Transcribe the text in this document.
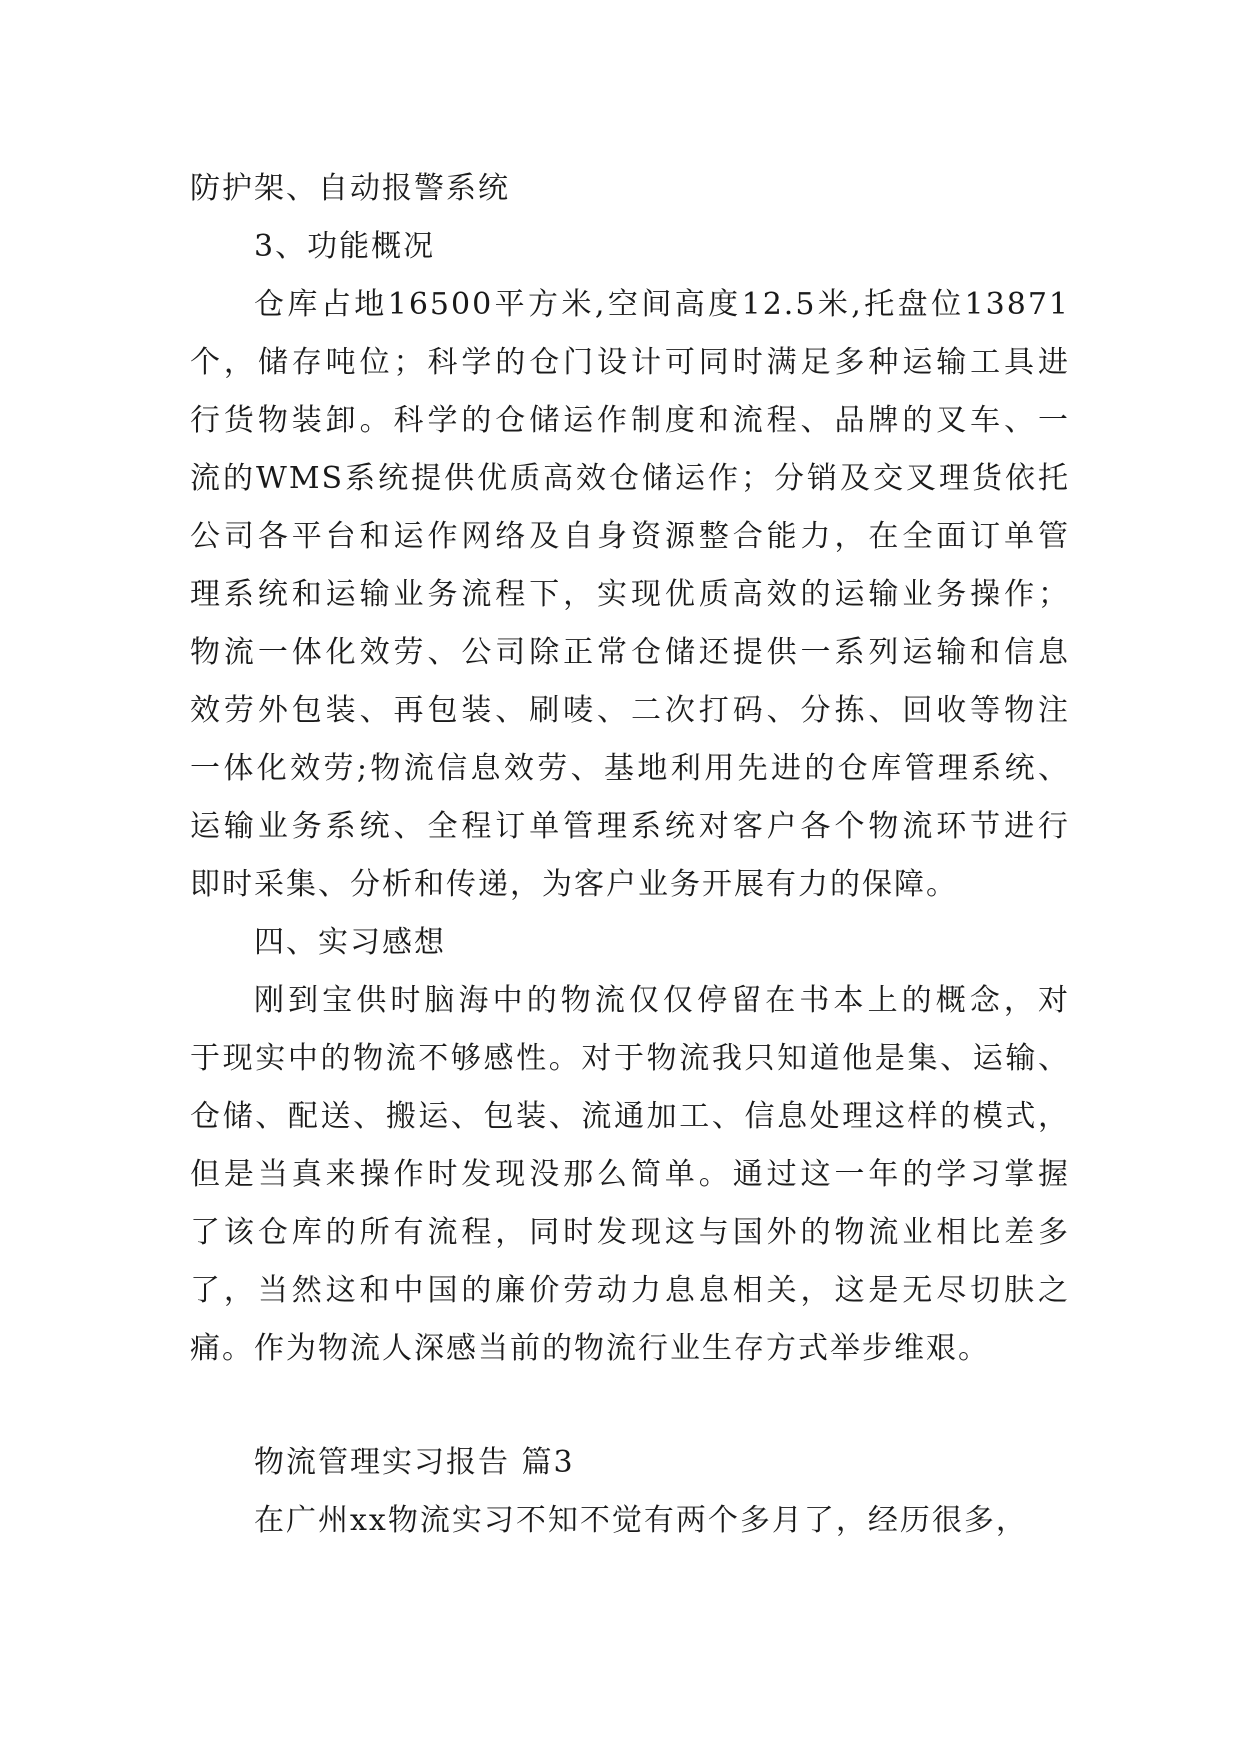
防护架、自动报警系统
3、功能概况
仓库占地16500平方米,空间高度12.5米,托盘位13871
个，储存吨位；科学的仓门设计可同时满足多种运输工具进
行货物装卸。科学的仓储运作制度和流程、品牌的叉车、一
流的WMS系统提供优质高效仓储运作；分销及交叉理货依托
公司各平台和运作网络及自身资源整合能力，在全面订单管
理系统和运输业务流程下，实现优质高效的运输业务操作；
物流一体化效劳、公司除正常仓储还提供一系列运输和信息
效劳外包装、再包装、刷唛、二次打码、分拣、回收等物注
一体化效劳;物流信息效劳、基地利用先进的仓库管理系统、
运输业务系统、全程订单管理系统对客户各个物流环节进行
即时采集、分析和传递，为客户业务开展有力的保障。
四、实习感想
刚到宝供时脑海中的物流仅仅停留在书本上的概念，对
于现实中的物流不够感性。对于物流我只知道他是集、运输、
仓储、配送、搬运、包装、流通加工、信息处理这样的模式，
但是当真来操作时发现没那么简单。通过这一年的学习掌握
了该仓库的所有流程，同时发现这与国外的物流业相比差多
了，当然这和中国的廉价劳动力息息相关，这是无尽切肤之
痛。作为物流人深感当前的物流行业生存方式举步维艰。
物流管理实习报告 篇3
在广州xx物流实习不知不觉有两个多月了，经历很多，
